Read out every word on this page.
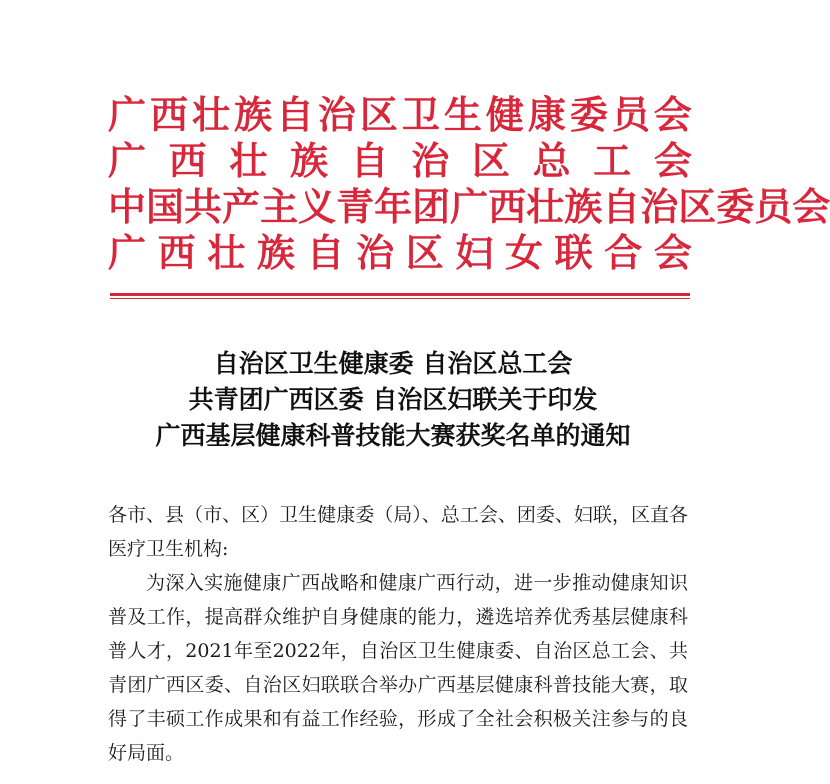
广 西 壮 族 自 治 区 卫 生 健 康 委 员 会
广 西 壮 族 自 治 区 总 工 会
中 国 共 产 主 义 青 年 团 广 西 壮 族 自 治 区 委 员 会
广 西 壮 族 自 治 区 妇 女 联 合 会
自治区卫生健康委 自治区总工会
共青团广西区委 自治区妇联关于印发
广西基层健康科普技能大赛获奖名单的通知

各市、县（市、区）卫生健康委（局）、总工会、团委、妇联，区直各医疗卫生机构:

为深入实施健康广西战略和健康广西行动，进一步推动健康知识普及工作，提高群众维护自身健康的能力，遴选培养优秀基层健康科普人才，2021年至2022年，自治区卫生健康委、自治区总工会、共青团广西区委、自治区妇联联合举办广西基层健康科普技能大赛，取得了丰硕工作成果和有益工作经验，形成了全社会积极关注参与的良好局面。
